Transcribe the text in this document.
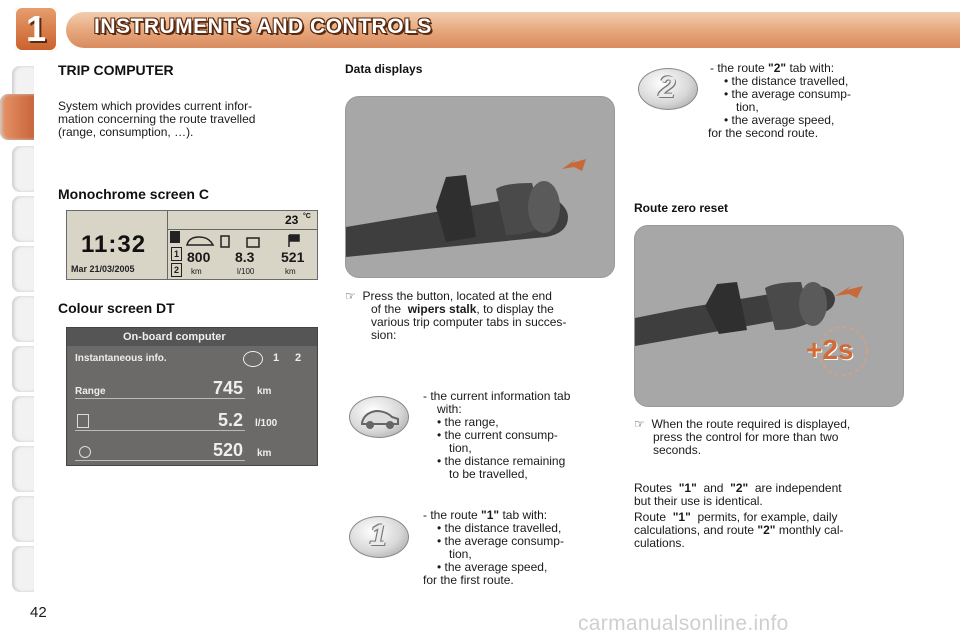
1	INSTRUMENTS AND CONTROLS
TRIP COMPUTER
System which provides current infor-
mation concerning the route travelled
(range, consumption, …).
Monochrome screen C
11:32
Mar 21/03/2005
23 °C
1
2
800 8.3 521
km	l/100	km
Colour screen DT
On-board computer
Instantaneous info.	1 2
Range	745 km
5.2 l/100
520 km
Data displays
☞ Press the button, located at the end
of the wipers stalk, to display the
various trip computer tabs in succes-
sion:
- the current information tab
with:
• the range,
• the current consump-
tion,
• the distance remaining
to be travelled,
1
- the route "1" tab with:
• the distance travelled,
• the average consump-
tion,
• the average speed,
for the first route.
2
- the route "2" tab with:
• the distance travelled,
• the average consump-
tion,
• the average speed,
for the second route.
Route zero reset
+2s
☞ When the route required is displayed,
press the control for more than two
seconds.
Routes "1" and "2" are independent
but their use is identical.
Route "1" permits, for example, daily
calculations, and route "2" monthly cal-
culations.
42	carmanualsonline.info
